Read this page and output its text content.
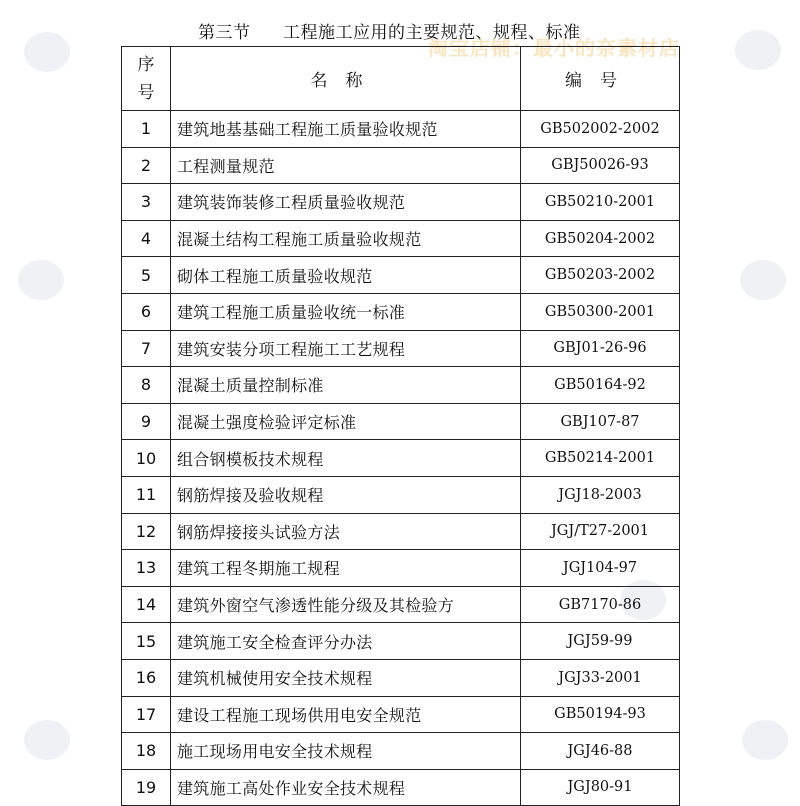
第三节 工程施工应用的主要规范、规程、标准
淘宝店铺：最小的奈素材店
序
号	名称	编号
1	建筑地基基础工程施工质量验收规范	GB502002-2002
2	工程测量规范	GBJ50026-93
3	建筑装饰装修工程质量验收规范	GB50210-2001
4	混凝土结构工程施工质量验收规范	GB50204-2002
5	砌体工程施工质量验收规范	GB50203-2002
6	建筑工程施工质量验收统一标准	GB50300-2001
7	建筑安装分项工程施工工艺规程	GBJ01-26-96
8	混凝土质量控制标准	GB50164-92
9	混凝土强度检验评定标准	GBJ107-87
10	组合钢模板技术规程	GB50214-2001
11	钢筋焊接及验收规程	JGJ18-2003
12	钢筋焊接接头试验方法	JGJ/T27-2001
13	建筑工程冬期施工规程	JGJ104-97
14	建筑外窗空气渗透性能分级及其检验方	GB7170-86
15	建筑施工安全检查评分办法	JGJ59-99
16	建筑机械使用安全技术规程	JGJ33-2001
17	建设工程施工现场供用电安全规范	GB50194-93
18	施工现场用电安全技术规程	JGJ46-88
19	建筑施工高处作业安全技术规程	JGJ80-91
